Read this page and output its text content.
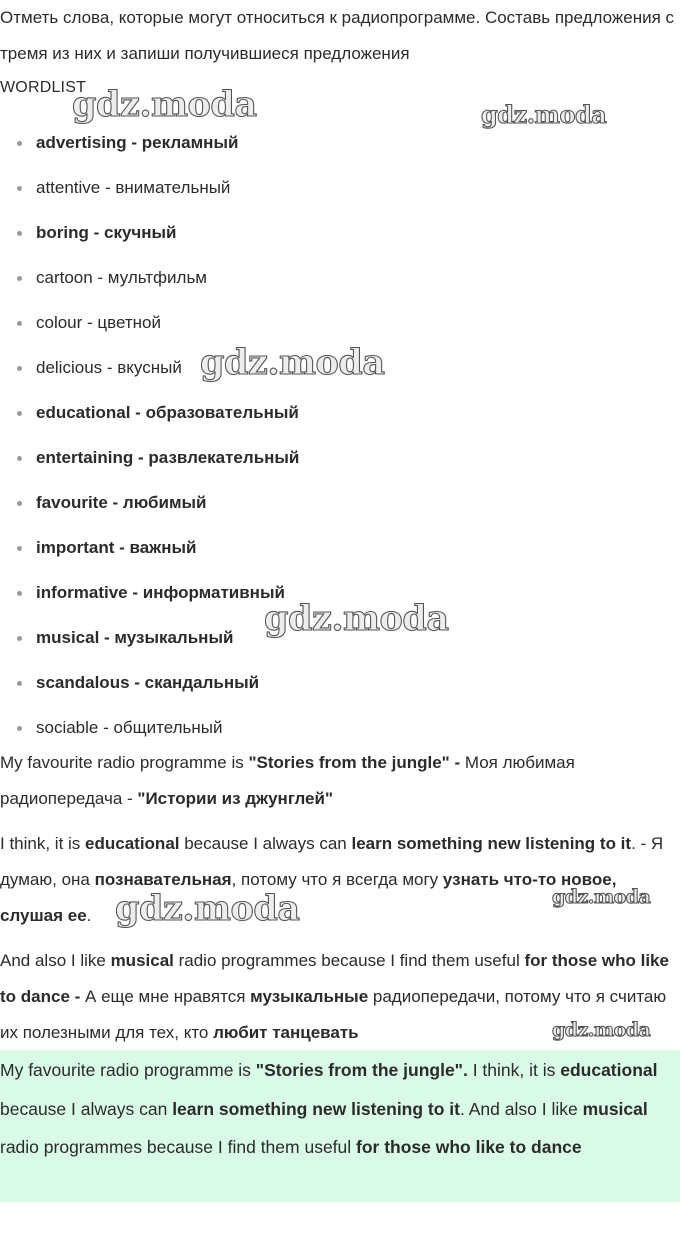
Отметь слова, которые могут относиться к радиопрограмме. Составь предложения с тремя из них и запиши получившиеся предложения

WORDLIST

advertising - рекламный
attentive - внимательный
boring - скучный
cartoon - мультфильм
colour - цветной
delicious - вкусный
educational - образовательный
entertaining - развлекательный
favourite - любимый
important - важный
informative - информативный
musical - музыкальный
scandalous - скандальный
sociable - общительный

My favourite radio programme is "Stories from the jungle" - Моя любимая радиопередача - "Истории из джунглей"

I think, it is educational because I always can learn something new listening to it. - Я думаю, она познавательная, потому что я всегда могу узнать что-то новое, слушая ее.

And also I like musical radio programmes because I find them useful for those who like to dance - А еще мне нравятся музыкальные радиопередачи, потому что я считаю их полезными для тех, кто любит танцевать

My favourite radio programme is "Stories from the jungle". I think, it is educational because I always can learn something new listening to it. And also I like musical radio programmes because I find them useful for those who like to dance

gdz.moda	gdz.moda
gdz.moda
gdz.moda
gdz.moda	gdz.moda
gdz.moda
